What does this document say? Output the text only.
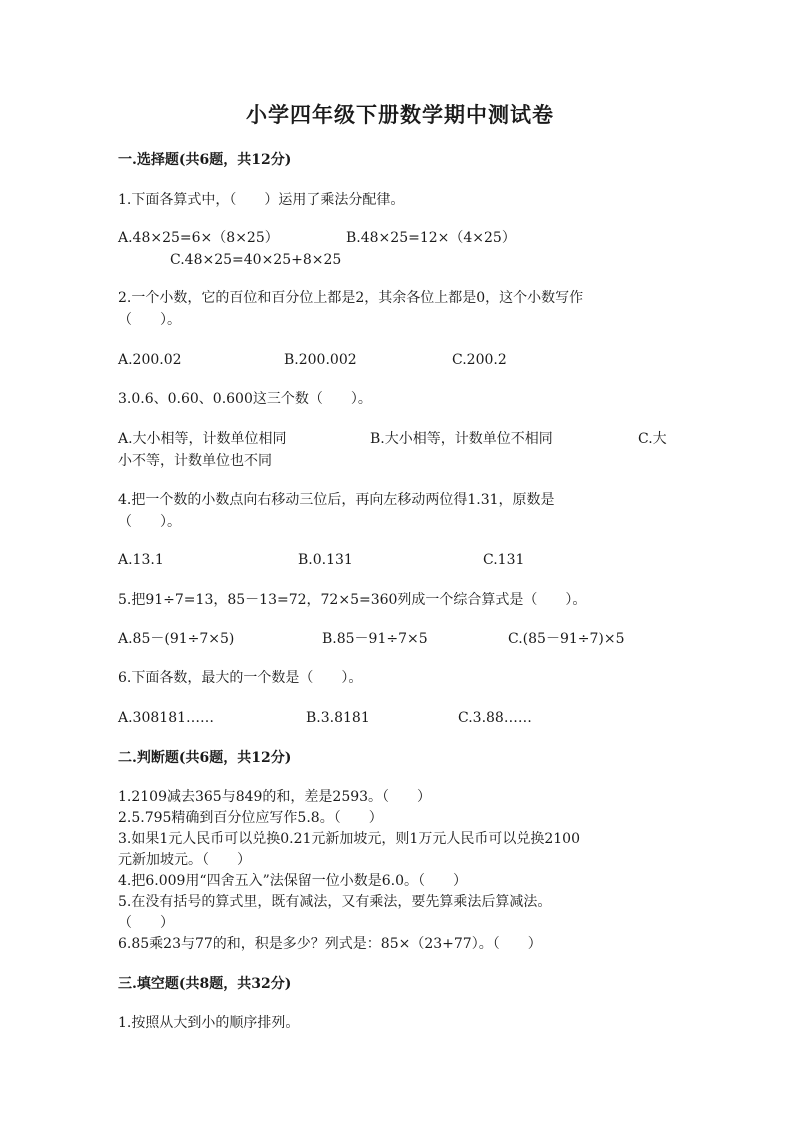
小学四年级下册数学期中测试卷
一.选择题(共6题，共12分)
1.下面各算式中，（　　）运用了乘法分配律。
A.48×25=6×（8×25）	B.48×25=12×（4×25）
C.48×25=40×25+8×25
2.一个小数，它的百位和百分位上都是2，其余各位上都是0，这个小数写作
（　　）。
A.200.02	B.200.002	C.200.2
3.0.6、0.60、0.600这三个数（　　）。
A.大小相等，计数单位相同	B.大小相等，计数单位不相同	C.大
小不等，计数单位也不同
4.把一个数的小数点向右移动三位后，再向左移动两位得1.31，原数是
（　　）。
A.13.1	B.0.131	C.131
5.把91÷7=13，85－13=72，72×5=360列成一个综合算式是（　　）。
A.85－(91÷7×5)	B.85－91÷7×5	C.(85－91÷7)×5
6.下面各数，最大的一个数是（　　）。
A.308181……	B.3.8181	C.3.88……
二.判断题(共6题，共12分)
1.2109减去365与849的和，差是2593。（　　）
2.5.795精确到百分位应写作5.8。（　　）
3.如果1元人民币可以兑换0.21元新加坡元，则1万元人民币可以兑换2100
元新加坡元。（　　）
4.把6.009用“四舍五入”法保留一位小数是6.0。（　　）
5.在没有括号的算式里，既有减法，又有乘法，要先算乘法后算减法。
（　　）
6.85乘23与77的和，积是多少？列式是：85×（23+77）。（　　）
三.填空题(共8题，共32分)
1.按照从大到小的顺序排列。
